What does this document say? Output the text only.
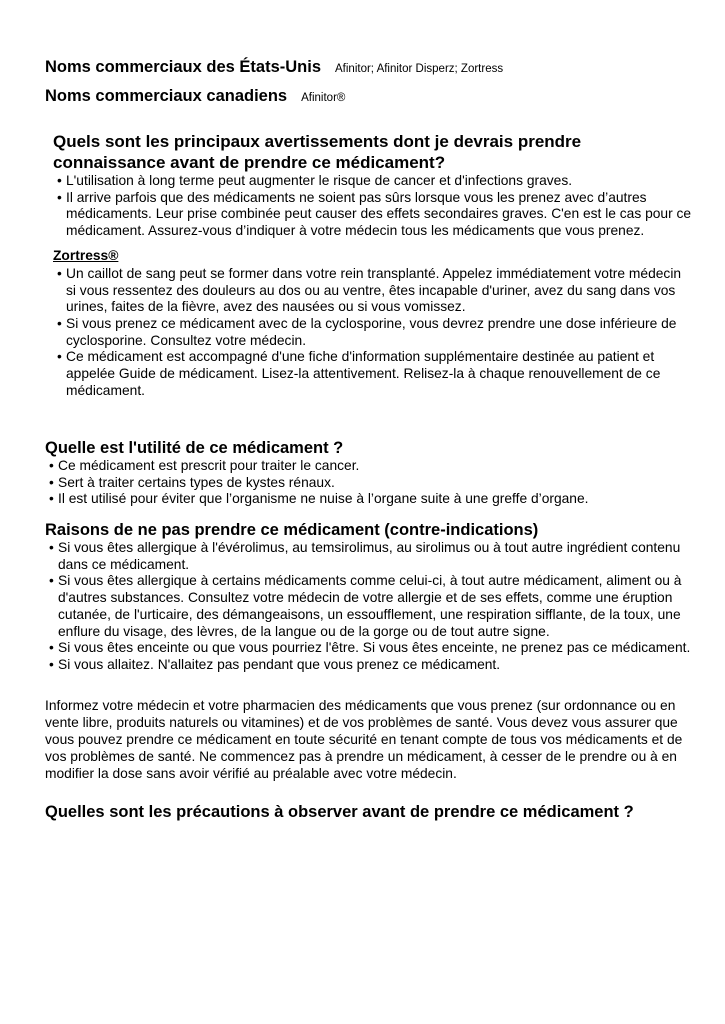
Noms commerciaux des États-Unis Afinitor; Afinitor Disperz; Zortress
Noms commerciaux canadiens Afinitor®
Quels sont les principaux avertissements dont je devrais prendre connaissance avant de prendre ce médicament?
• L'utilisation à long terme peut augmenter le risque de cancer et d'infections graves.
• Il arrive parfois que des médicaments ne soient pas sûrs lorsque vous les prenez avec d’autres médicaments. Leur prise combinée peut causer des effets secondaires graves. C'en est le cas pour ce médicament. Assurez-vous d’indiquer à votre médecin tous les médicaments que vous prenez.
Zortress®
• Un caillot de sang peut se former dans votre rein transplanté. Appelez immédiatement votre médecin si vous ressentez des douleurs au dos ou au ventre, êtes incapable d'uriner, avez du sang dans vos urines, faites de la fièvre, avez des nausées ou si vous vomissez.
• Si vous prenez ce médicament avec de la cyclosporine, vous devrez prendre une dose inférieure de cyclosporine. Consultez votre médecin.
• Ce médicament est accompagné d'une fiche d'information supplémentaire destinée au patient et appelée Guide de médicament. Lisez-la attentivement. Relisez-la à chaque renouvellement de ce médicament.
Quelle est l'utilité de ce médicament ?
• Ce médicament est prescrit pour traiter le cancer.
• Sert à traiter certains types de kystes rénaux.
• Il est utilisé pour éviter que l’organisme ne nuise à l’organe suite à une greffe d’organe.
Raisons de ne pas prendre ce médicament (contre-indications)
• Si vous êtes allergique à l'évérolimus, au temsirolimus, au sirolimus ou à tout autre ingrédient contenu dans ce médicament.
• Si vous êtes allergique à certains médicaments comme celui-ci, à tout autre médicament, aliment ou à d'autres substances. Consultez votre médecin de votre allergie et de ses effets, comme une éruption cutanée, de l'urticaire, des démangeaisons, un essoufflement, une respiration sifflante, de la toux, une enflure du visage, des lèvres, de la langue ou de la gorge ou de tout autre signe.
• Si vous êtes enceinte ou que vous pourriez l'être. Si vous êtes enceinte, ne prenez pas ce médicament.
• Si vous allaitez. N'allaitez pas pendant que vous prenez ce médicament.

Informez votre médecin et votre pharmacien des médicaments que vous prenez (sur ordonnance ou en vente libre, produits naturels ou vitamines) et de vos problèmes de santé. Vous devez vous assurer que vous pouvez prendre ce médicament en toute sécurité en tenant compte de tous vos médicaments et de vos problèmes de santé. Ne commencez pas à prendre un médicament, à cesser de le prendre ou à en modifier la dose sans avoir vérifié au préalable avec votre médecin.

Quelles sont les précautions à observer avant de prendre ce médicament ?
